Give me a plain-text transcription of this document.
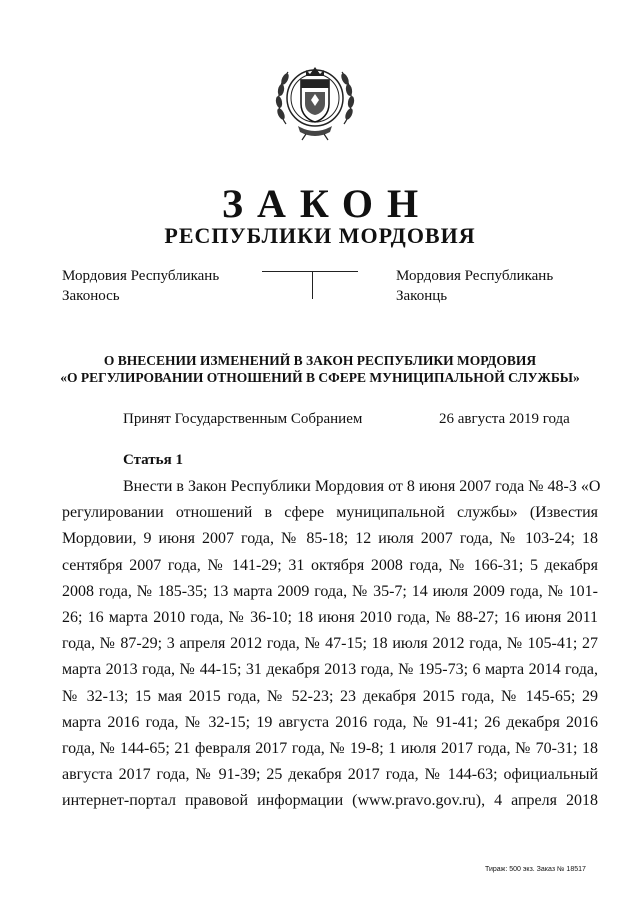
ЗАКОН
РЕСПУБЛИКИ МОРДОВИЯ
Мордовия Республикань
Законось
Мордовия Республикань
Законць
О ВНЕСЕНИИ ИЗМЕНЕНИЙ В ЗАКОН РЕСПУБЛИКИ МОРДОВИЯ
«О РЕГУЛИРОВАНИИ ОТНОШЕНИЙ В СФЕРЕ МУНИЦИПАЛЬНОЙ СЛУЖБЫ»
Принят Государственным Собранием	26 августа 2019 года
Статья 1
Внести в Закон Республики Мордовия от 8 июня 2007 года № 48-З «О
регулировании отношений в сфере муниципальной службы» (Известия
Мордовии, 9 июня 2007 года, № 85-18; 12 июля 2007 года, № 103-24; 18
сентября 2007 года, № 141-29; 31 октября 2008 года, № 166-31; 5 декабря
2008 года, № 185-35; 13 марта 2009 года, № 35-7; 14 июля 2009 года, № 101-
26; 16 марта 2010 года, № 36-10; 18 июня 2010 года, № 88-27; 16 июня 2011
года, № 87-29; 3 апреля 2012 года, № 47-15; 18 июля 2012 года, № 105-41; 27
марта 2013 года, № 44-15; 31 декабря 2013 года, № 195-73; 6 марта 2014 года,
№ 32-13; 15 мая 2015 года, № 52-23; 23 декабря 2015 года, № 145-65; 29
марта 2016 года, № 32-15; 19 августа 2016 года, № 91-41; 26 декабря 2016
года, № 144-65; 21 февраля 2017 года, № 19-8; 1 июля 2017 года, № 70-31; 18
августа 2017 года, № 91-39; 25 декабря 2017 года, № 144-63; официальный
интернет-портал правовой информации (www.pravo.gov.ru), 4 апреля 2018
Тираж: 500 экз. Заказ № 18517
